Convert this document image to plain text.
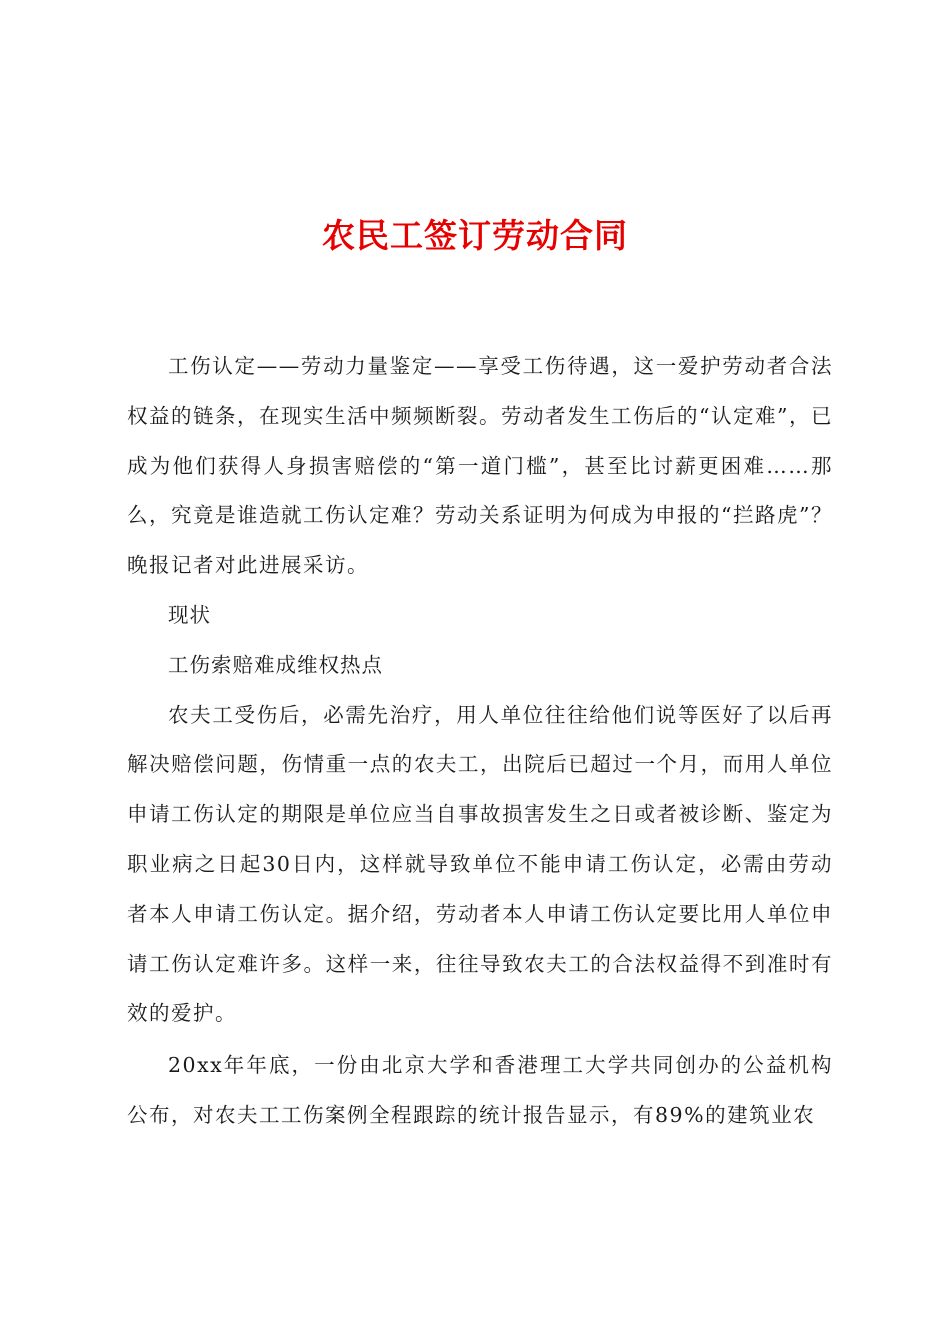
农民工签订劳动合同

工伤认定——劳动力量鉴定——享受工伤待遇，这一爱护劳动者合法权益的链条，在现实生活中频频断裂。劳动者发生工伤后的“认定难”，已成为他们获得人身损害赔偿的“第一道门槛”，甚至比讨薪更困难……那么，究竟是谁造就工伤认定难？劳动关系证明为何成为申报的“拦路虎”？晚报记者对此进展采访。

现状

工伤索赔难成维权热点

农夫工受伤后，必需先治疗，用人单位往往给他们说等医好了以后再解决赔偿问题，伤情重一点的农夫工，出院后已超过一个月，而用人单位申请工伤认定的期限是单位应当自事故损害发生之日或者被诊断、鉴定为职业病之日起30日内，这样就导致单位不能申请工伤认定，必需由劳动者本人申请工伤认定。据介绍，劳动者本人申请工伤认定要比用人单位申请工伤认定难许多。这样一来，往往导致农夫工的合法权益得不到准时有效的爱护。

20xx年年底，一份由北京大学和香港理工大学共同创办的公益机构公布，对农夫工工伤案例全程跟踪的统计报告显示，有89%的建筑业农
